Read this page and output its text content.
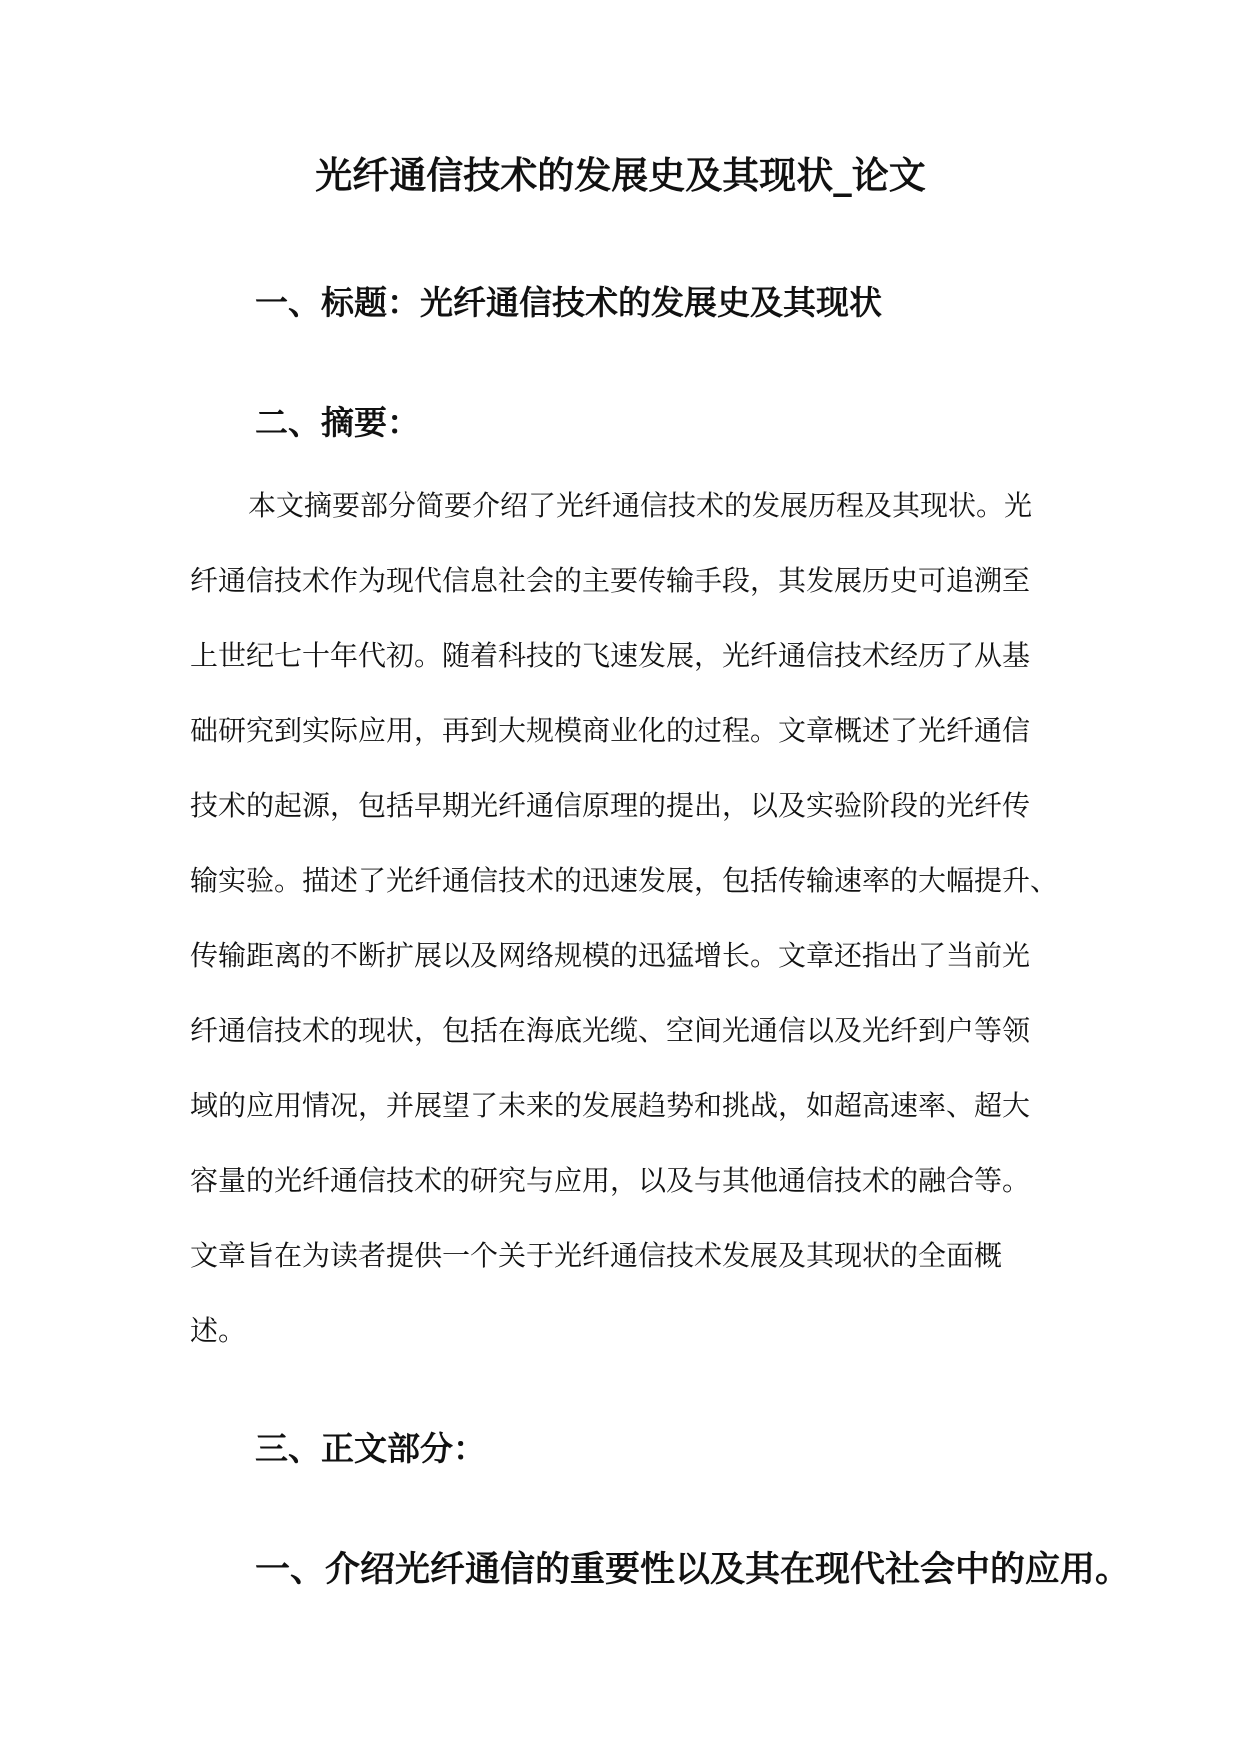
光纤通信技术的发展史及其现状_论文
一、标题：光纤通信技术的发展史及其现状
二、摘要：
本文摘要部分简要介绍了光纤通信技术的发展历程及其现状。光
纤通信技术作为现代信息社会的主要传输手段，其发展历史可追溯至
上世纪七十年代初。随着科技的飞速发展，光纤通信技术经历了从基
础研究到实际应用，再到大规模商业化的过程。文章概述了光纤通信
技术的起源，包括早期光纤通信原理的提出，以及实验阶段的光纤传
输实验。描述了光纤通信技术的迅速发展，包括传输速率的大幅提升、
传输距离的不断扩展以及网络规模的迅猛增长。文章还指出了当前光
纤通信技术的现状，包括在海底光缆、空间光通信以及光纤到户等领
域的应用情况，并展望了未来的发展趋势和挑战，如超高速率、超大
容量的光纤通信技术的研究与应用，以及与其他通信技术的融合等。
文章旨在为读者提供一个关于光纤通信技术发展及其现状的全面概
述。
三、正文部分：
一、介绍光纤通信的重要性以及其在现代社会中的应用。
